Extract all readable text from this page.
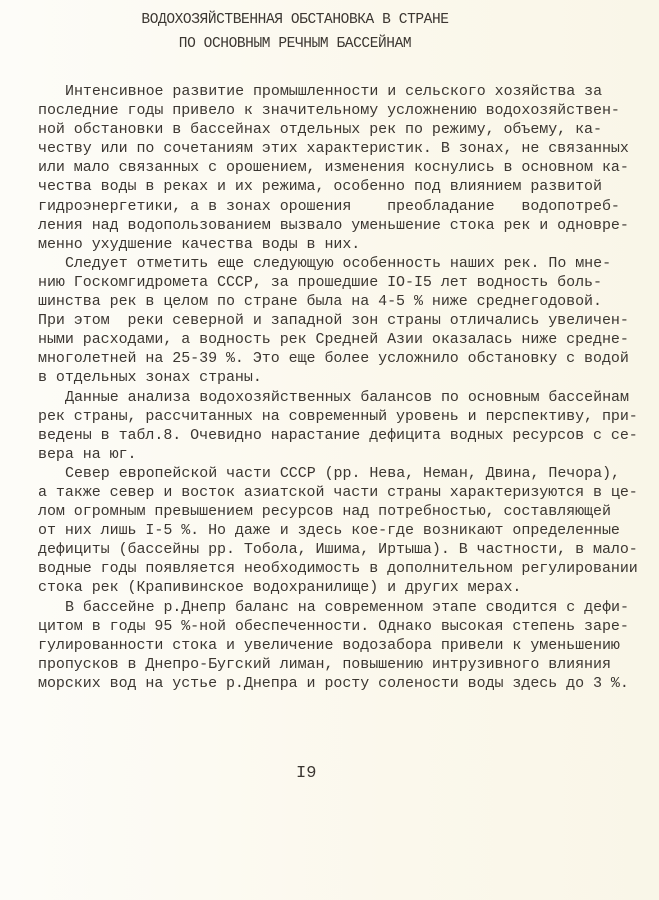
ВОДОХОЗЯЙСТВЕННАЯ ОБСТАНОВКА В СТРАНЕ
ПО ОСНОВНЫМ РЕЧНЫМ БАССЕЙНАМ
Интенсивное развитие промышленности и сельского хозяйства за
последние годы привело к значительному усложнению водохозяйствен-
ной обстановки в бассейнах отдельных рек по режиму, объему, ка-
честву или по сочетаниям этих характеристик. В зонах, не связанных
или мало связанных с орошением, изменения коснулись в основном ка-
чества воды в реках и их режима, особенно под влиянием развитой
гидроэнергетики, а в зонах орошения    преобладание   водопотреб-
ления над водопользованием вызвало уменьшение стока рек и одновре-
менно ухудшение качества воды в них.
Следует отметить еще следующую особенность наших рек. По мне-
нию Госкомгидромета СССР, за прошедшие IO-I5 лет водность боль-
шинства рек в целом по стране была на 4-5 % ниже среднегодовой.
При этом  реки северной и западной зон страны отличались увеличен-
ными расходами, а водность рек Средней Азии оказалась ниже средне-
многолетней на 25-39 %. Это еще более усложнило обстановку с водой
в отдельных зонах страны.
Данные анализа водохозяйственных балансов по основным бассейнам
рек страны, рассчитанных на современный уровень и перспективу, при-
ведены в табл.8. Очевидно нарастание дефицита водных ресурсов с се-
вера на юг.
Север европейской части СССР (рр. Нева, Неман, Двина, Печора),
а также север и восток азиатской части страны характеризуются в це-
лом огромным превышением ресурсов над потребностью, составляющей
от них лишь I-5 %. Но даже и здесь кое-где возникают определенные
дефициты (бассейны рр. Тобола, Ишима, Иртыша). В частности, в мало-
водные годы появляется необходимость в дополнительном регулировании
стока рек (Крапивинское водохранилище) и других мерах.
В бассейне р.Днепр баланс на современном этапе сводится с дефи-
цитом в годы 95 %-ной обеспеченности. Однако высокая степень заре-
гулированности стока и увеличение водозабора привели к уменьшению
пропусков в Днепро-Бугский лиман, повышению интрузивного влияния
морских вод на устье р.Днепра и росту солености воды здесь до 3 %.
I9
